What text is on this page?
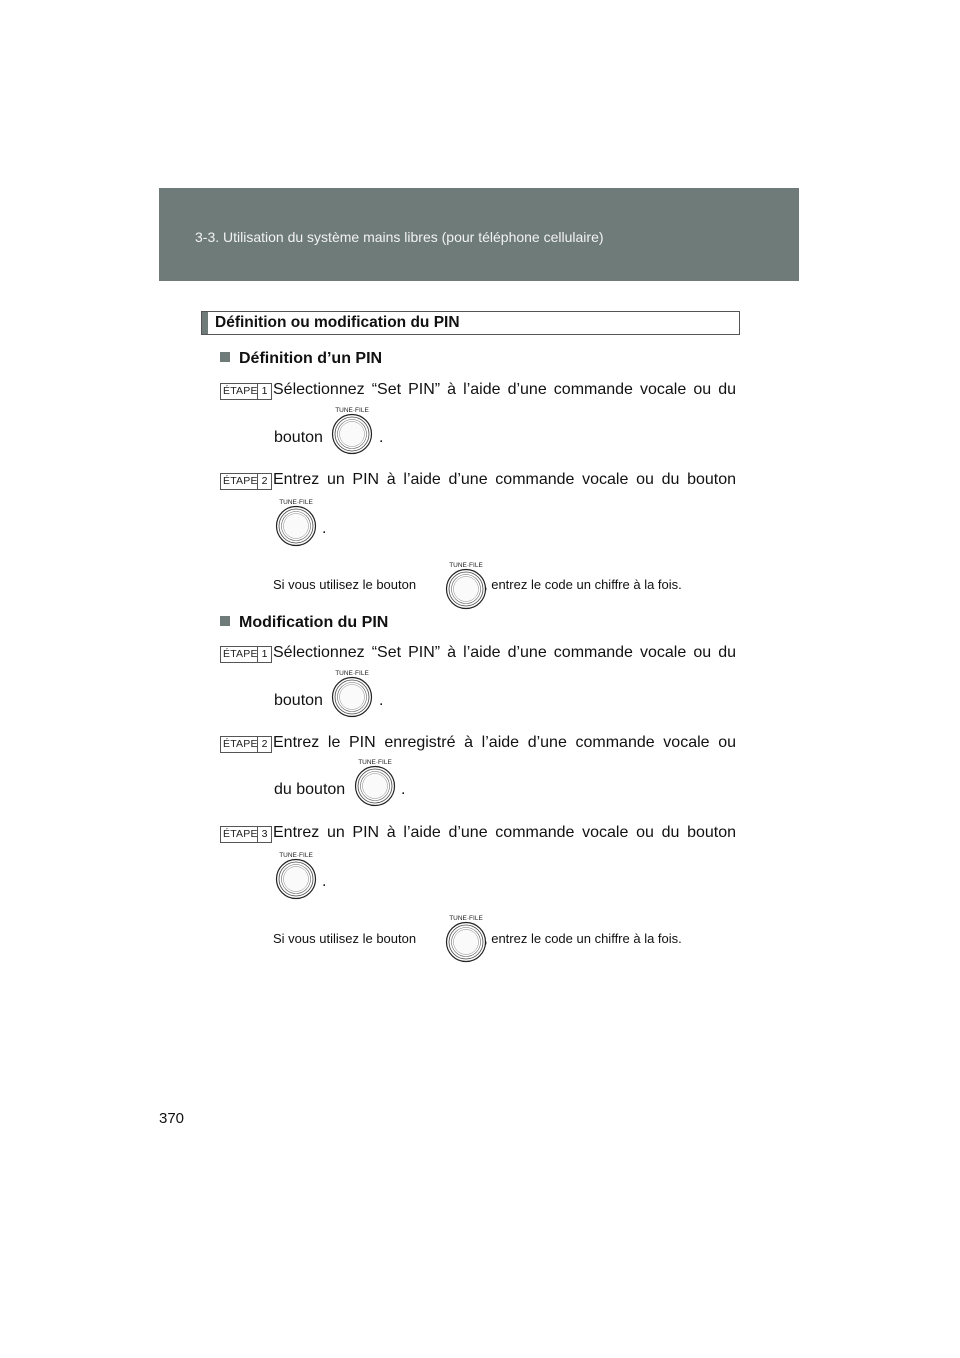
3-3. Utilisation du système mains libres (pour téléphone cellulaire)
Définition ou modification du PIN
Définition d’un PIN
ÉTAPE 1 Sélectionnez “Set PIN” à l’aide d’une commande vocale ou du
bouton
TUNE·FILE
.
ÉTAPE 2 Entrez un PIN à l’aide d’une commande vocale ou du bouton
TUNE·FILE
.
Si vous utilisez le bouton
TUNE·FILE
, entrez le code un chiffre à la fois.
Modification du PIN
ÉTAPE 1 Sélectionnez “Set PIN” à l’aide d’une commande vocale ou du
bouton
TUNE·FILE
.
ÉTAPE 2 Entrez le PIN enregistré à l’aide d’une commande vocale ou
du bouton
TUNE·FILE
.
ÉTAPE 3 Entrez un PIN à l’aide d’une commande vocale ou du bouton
TUNE·FILE
.
Si vous utilisez le bouton
TUNE·FILE
, entrez le code un chiffre à la fois.
370
